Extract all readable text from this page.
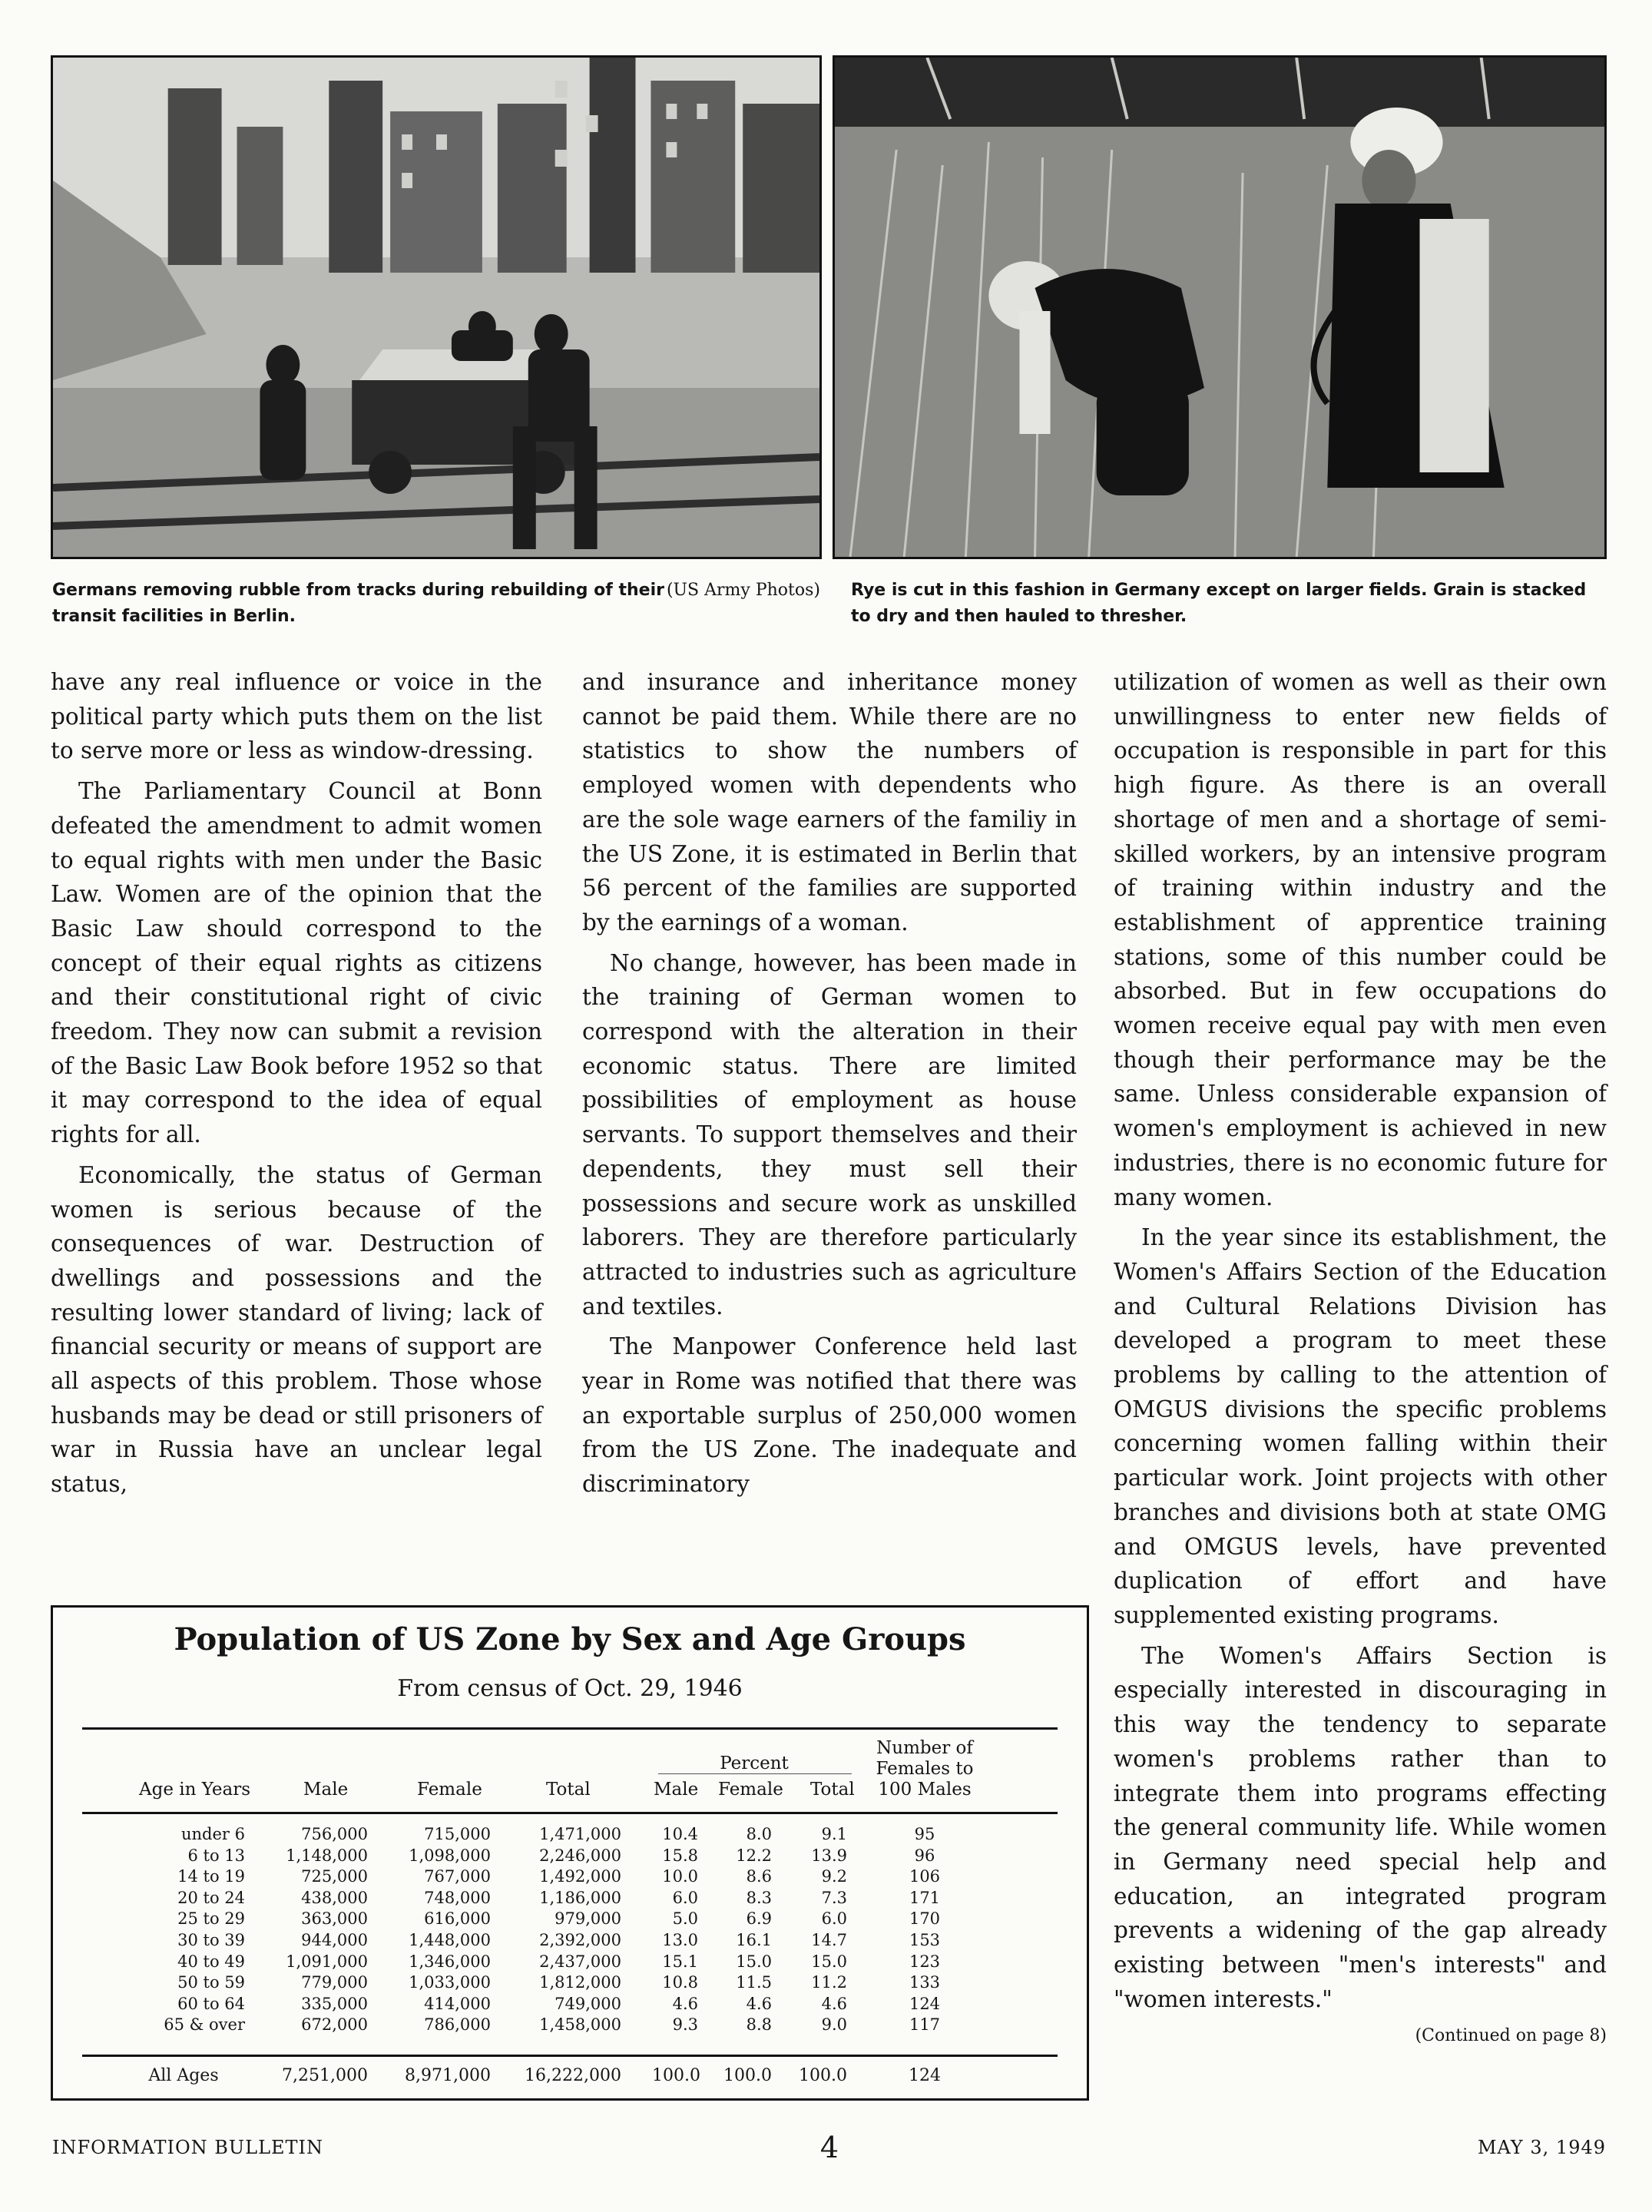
(US Army Photos)
Germans removing rubble from tracks during rebuilding of their transit facilities in Berlin.
Rye is cut in this fashion in Germany except on larger fields. Grain is stacked to dry and then hauled to thresher.

have any real influence or voice in the political party which puts them on the list to serve more or less as window-dressing.

The Parliamentary Council at Bonn defeated the amendment to admit women to equal rights with men under the Basic Law. Women are of the opinion that the Basic Law should correspond to the concept of their equal rights as citizens and their constitutional right of civic freedom. They now can submit a revision of the Basic Law Book before 1952 so that it may correspond to the idea of equal rights for all.

Economically, the status of German women is serious because of the consequences of war. Destruction of dwellings and possessions and the resulting lower standard of living; lack of financial security or means of support are all aspects of this problem. Those whose husbands may be dead or still prisoners of war in Russia have an unclear legal status,

and insurance and inheritance money cannot be paid them. While there are no statistics to show the numbers of employed women with dependents who are the sole wage earners of the familiy in the US Zone, it is estimated in Berlin that 56 percent of the families are supported by the earnings of a woman.

No change, however, has been made in the training of German women to correspond with the alteration in their economic status. There are limited possibilities of employment as house servants. To support themselves and their dependents, they must sell their possessions and secure work as unskilled laborers. They are therefore particularly attracted to industries such as agriculture and textiles.

The Manpower Conference held last year in Rome was notified that there was an exportable surplus of 250,000 women from the US Zone. The inadequate and discriminatory

utilization of women as well as their own unwillingness to enter new fields of occupation is responsible in part for this high figure. As there is an overall shortage of men and a shortage of semi-skilled workers, by an intensive program of training within industry and the establishment of apprentice training stations, some of this number could be absorbed. But in few occupations do women receive equal pay with men even though their performance may be the same. Unless considerable expansion of women's employment is achieved in new industries, there is no economic future for many women.

In the year since its establishment, the Women's Affairs Section of the Education and Cultural Relations Division has developed a program to meet these problems by calling to the attention of OMGUS divisions the specific problems concerning women falling within their particular work. Joint projects with other branches and divisions both at state OMG and OMGUS levels, have prevented duplication of effort and have supplemented existing programs.

The Women's Affairs Section is especially interested in discouraging in this way the tendency to separate women's problems rather than to integrate them into programs effecting the general community life. While women in Germany need special help and education, an integrated program prevents a widening of the gap already existing between "men's interests" and "women interests."

(Continued on page 8)
Population of US Zone by Sex and Age Groups
From census of Oct. 29, 1946
Age in Years	Male	Female	Total
Percent
Male Female Total
Number of
Females to
100 Males
under 6	756,000	715,000	1,471,000	10.4	8.0	9.1	95
6 to 13	1,148,000	1,098,000	2,246,000	15.8	12.2	13.9	96
14 to 19	725,000	767,000	1,492,000	10.0	8.6	9.2	106
20 to 24	438,000	748,000	1,186,000	6.0	8.3	7.3	171
25 to 29	363,000	616,000	979,000	5.0	6.9	6.0	170
30 to 39	944,000	1,448,000	2,392,000	13.0	16.1	14.7	153
40 to 49	1,091,000	1,346,000	2,437,000	15.1	15.0	15.0	123
50 to 59	779,000	1,033,000	1,812,000	10.8	11.5	11.2	133
60 to 64	335,000	414,000	749,000	4.6	4.6	4.6	124
65 & over	672,000	786,000	1,458,000	9.3	8.8	9.0	117
All Ages	7,251,000	8,971,000	16,222,000 100.0	100.0	100.0	124
INFORMATION BULLETIN	4	MAY 3, 1949
